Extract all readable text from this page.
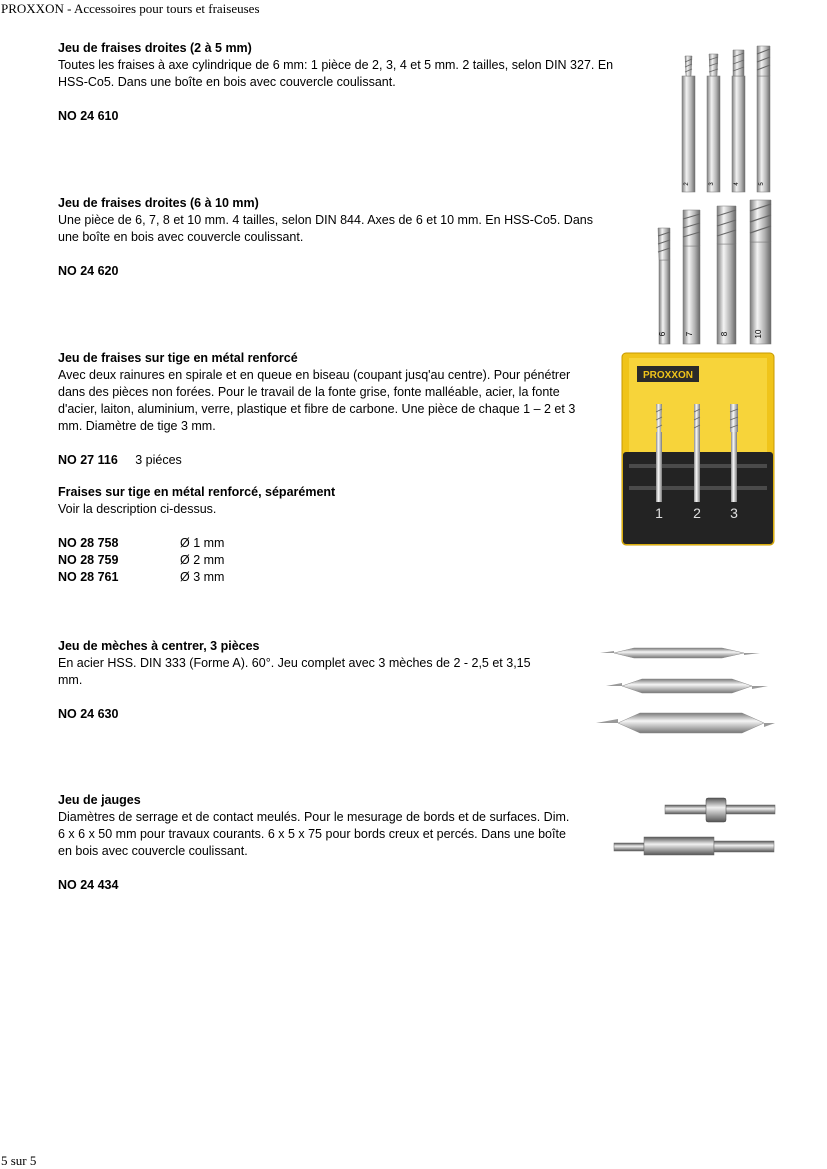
PROXXON - Accessoires pour tours et fraiseuses
Jeu de fraises droites (2 à 5 mm)
Toutes les fraises à axe cylindrique de 6 mm: 1 pièce de 2, 3, 4 et 5 mm. 2 tailles, selon DIN 327. En
HSS-Co5. Dans une boîte en bois avec couvercle coulissant.
NO 24 610
Jeu de fraises droites (6 à 10 mm)
Une pièce de 6, 7, 8 et 10 mm. 4 tailles, selon DIN 844. Axes de 6 et 10 mm. En HSS-Co5. Dans
une boîte en bois avec couvercle coulissant.
NO 24 620
Jeu de fraises sur tige en métal renforcé
Avec deux rainures en spirale et en queue en biseau (coupant jusq'au centre). Pour pénétrer
dans des pièces non forées. Pour le travail de la fonte grise, fonte malléable, acier, la fonte
d'acier, laiton, aluminium, verre, plastique et fibre de carbone. Une pièce de chaque 1 – 2 et 3
mm. Diamètre de tige 3 mm.
NO 27 116 3 piéces
Fraises sur tige en métal renforcé, séparément
Voir la description ci-dessus.
NO 28 758	Ø 1 mm
NO 28 759	Ø 2 mm
NO 28 761	Ø 3 mm
Jeu de mèches à centrer, 3 pièces
En acier HSS. DIN 333 (Forme A). 60°. Jeu complet avec 3 mèches de 2 - 2,5 et 3,15
mm.
NO 24 630
Jeu de jauges
Diamètres de serrage et de contact meulés. Pour le mesurage de bords et de surfaces. Dim.
6 x 6 x 50 mm pour travaux courants. 6 x 5 x 75 pour bords creux et percés. Dans une boîte
en bois avec couvercle coulissant.
NO 24 434
2	3	4	5
6 7	8	10
PROXXON
1 2 3
5 sur 5
